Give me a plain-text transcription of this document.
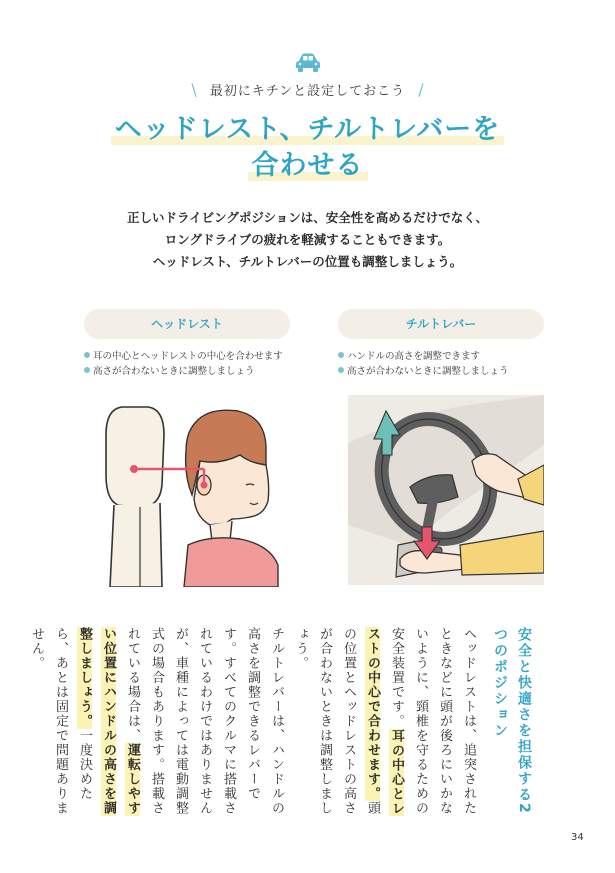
\ 最初にキチンと設定しておこう /
ヘッドレスト、チルトレバーを
合わせる
正しいドライビングポジションは、安全性を高めるだけでなく、
ロングドライブの疲れを軽減することもできます。
ヘッドレスト、チルトレバーの位置も調整しましょう。
ヘッドレスト	チルトレバー
耳の中心とヘッドレストの中心を合わせます
高さが合わないときに調整しましょう
ハンドルの高さを調整できます
高さが合わないときに調整しましょう
安全と快適さを担保する2つのポジション
ヘッドレストは、追突されたときなどに頭が後ろにいかないように、頸椎を守るための安全装置です。耳の中心とレストの中心で合わせます。頭の位置とヘッドレストの高さが合わないときは調整しましょう。
チルトレバーは、ハンドルの高さを調整できるレバーです。すべてのクルマに搭載されているわけではありませんが、車種によっては電動調整式の場合もあります。搭載されている場合は、運転しやすい位置にハンドルの高さを調整しましょう。一度決めたら、あとは固定で問題ありません。
34
